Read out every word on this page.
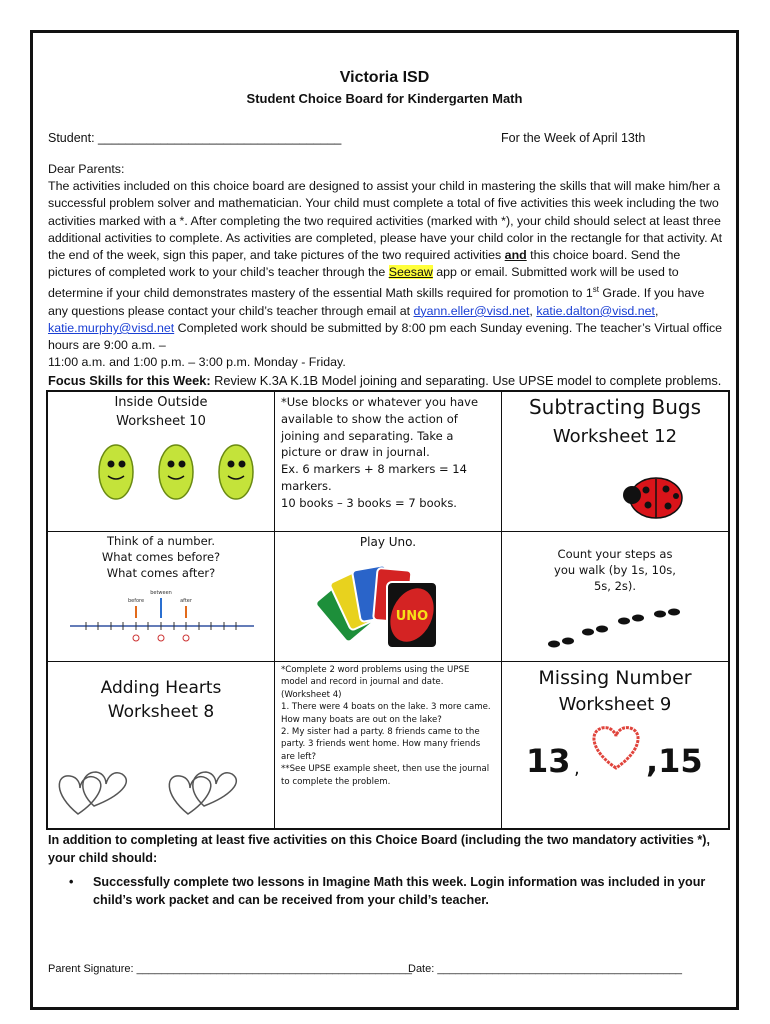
Victoria ISD
Student Choice Board for Kindergarten Math
Student: ___________________________________	For the Week of April 13th

Dear Parents:

The activities included on this choice board are designed to assist your child in mastering the skills that will make him/her a successful problem solver and mathematician. Your child must complete a total of five activities this week including the two activities marked with a *. After completing the two required activities (marked with *), your child should select at least three additional activities to complete. As activities are completed, please have your child color in the rectangle for that activity. At the end of the week, sign this paper, and take pictures of the two required activities and this choice board. Send the pictures of completed work to your child’s teacher through the Seesaw app or email. Submitted work will be used to determine if your child demonstrates mastery of the essential Math skills required for promotion to 1st Grade. If you have any questions please contact your child’s teacher through email at dyann.eller@visd.net, katie.dalton@visd.net, katie.murphy@visd.net Completed work should be submitted by 8:00 pm each Sunday evening. The teacher’s Virtual office hours are 9:00 a.m. –

11:00 a.m. and 1:00 p.m. – 3:00 p.m. Monday - Friday.

Focus Skills for this Week: Review K.3A K.1B Model joining and separating. Use UPSE model to complete problems.
Inside Outside
Worksheet 10
*Use blocks or whatever you have available to show the action of joining and separating. Take a picture or draw in journal.
Ex. 6 markers + 8 markers = 14 markers.
10 books – 3 books = 7 books.
Subtracting Bugs
Worksheet 12
Think of a number.
What comes before?
What comes after?
between
before	after
Play Uno.
UNO
Count your steps as
you walk (by 1s, 10s,
5s, 2s).
Adding Hearts
Worksheet 8
*Complete 2 word problems using the UPSE model and record in journal and date. (Worksheet 4)
1. There were 4 boats on the lake. 3 more came. How many boats are out on the lake?
2. My sister had a party. 8 friends came to the party. 3 friends went home. How many friends are left?
**See UPSE example sheet, then use the journal to complete the problem.
Missing Number
Worksheet 9
13 , ,15
In addition to completing at least five activities on this Choice Board (including the two mandatory activities *), your child should:
• Successfully complete two lessons in Imagine Math this week. Login information was included in your child’s work packet and can be received from your child’s teacher.
Parent Signature: _____________________________________________
Date: ________________________________________
